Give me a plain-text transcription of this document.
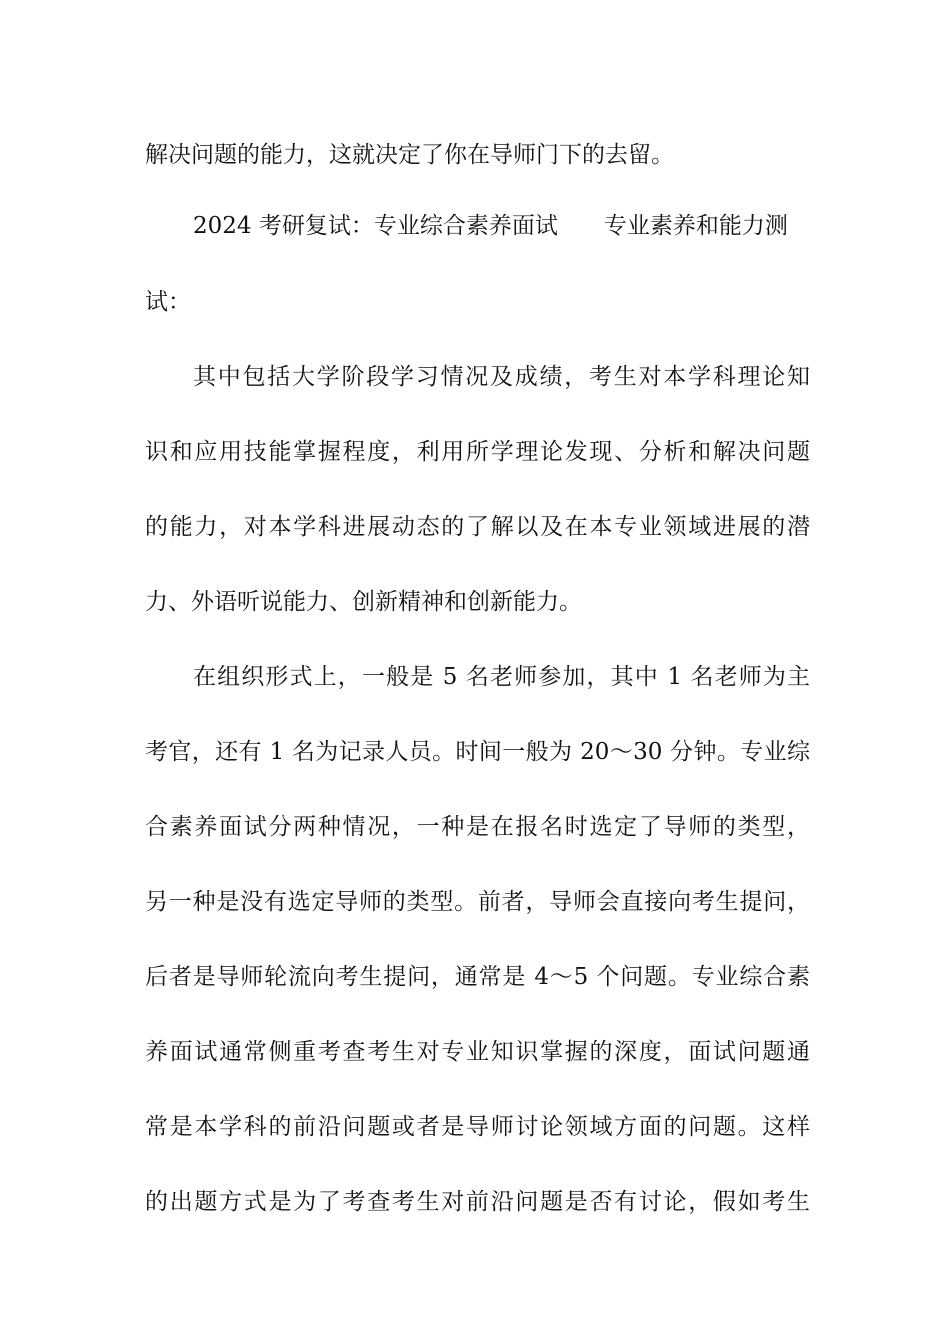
解决问题的能力，这就决定了你在导师门下的去留。
2024 考研复试：专业综合素养面试 专业素养和能力测
试：
其中包括大学阶段学习情况及成绩，考生对本学科理论知
识和应用技能掌握程度，利用所学理论发现、分析和解决问题
的能力，对本学科进展动态的了解以及在本专业领域进展的潜
力、外语听说能力、创新精神和创新能力。
在组织形式上，一般是 5 名老师参加，其中 1 名老师为主
考官，还有 1 名为记录人员。时间一般为 20～30 分钟。专业综
合素养面试分两种情况，一种是在报名时选定了导师的类型，
另一种是没有选定导师的类型。前者，导师会直接向考生提问，
后者是导师轮流向考生提问，通常是 4～5 个问题。专业综合素
养面试通常侧重考查考生对专业知识掌握的深度，面试问题通
常是本学科的前沿问题或者是导师讨论领域方面的问题。这样
的出题方式是为了考查考生对前沿问题是否有讨论，假如考生
